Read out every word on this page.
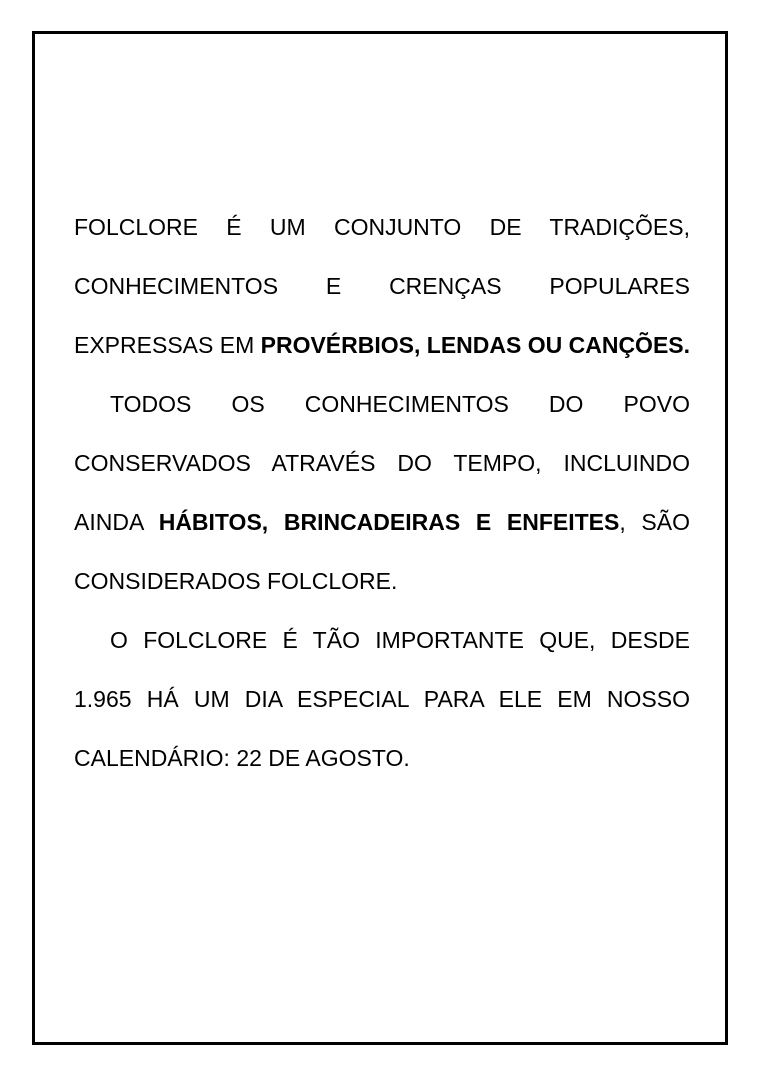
FOLCLORE É UM CONJUNTO DE TRADIÇÕES, CONHECIMENTOS E CRENÇAS POPULARES EXPRESSAS EM PROVÉRBIOS, LENDAS OU CANÇÕES.

TODOS OS CONHECIMENTOS DO POVO CONSERVADOS ATRAVÉS DO TEMPO, INCLUINDO AINDA HÁBITOS, BRINCADEIRAS E ENFEITES, SÃO CONSIDERADOS FOLCLORE.

O FOLCLORE É TÃO IMPORTANTE QUE, DESDE 1.965 HÁ UM DIA ESPECIAL PARA ELE EM NOSSO CALENDÁRIO: 22 DE AGOSTO.
